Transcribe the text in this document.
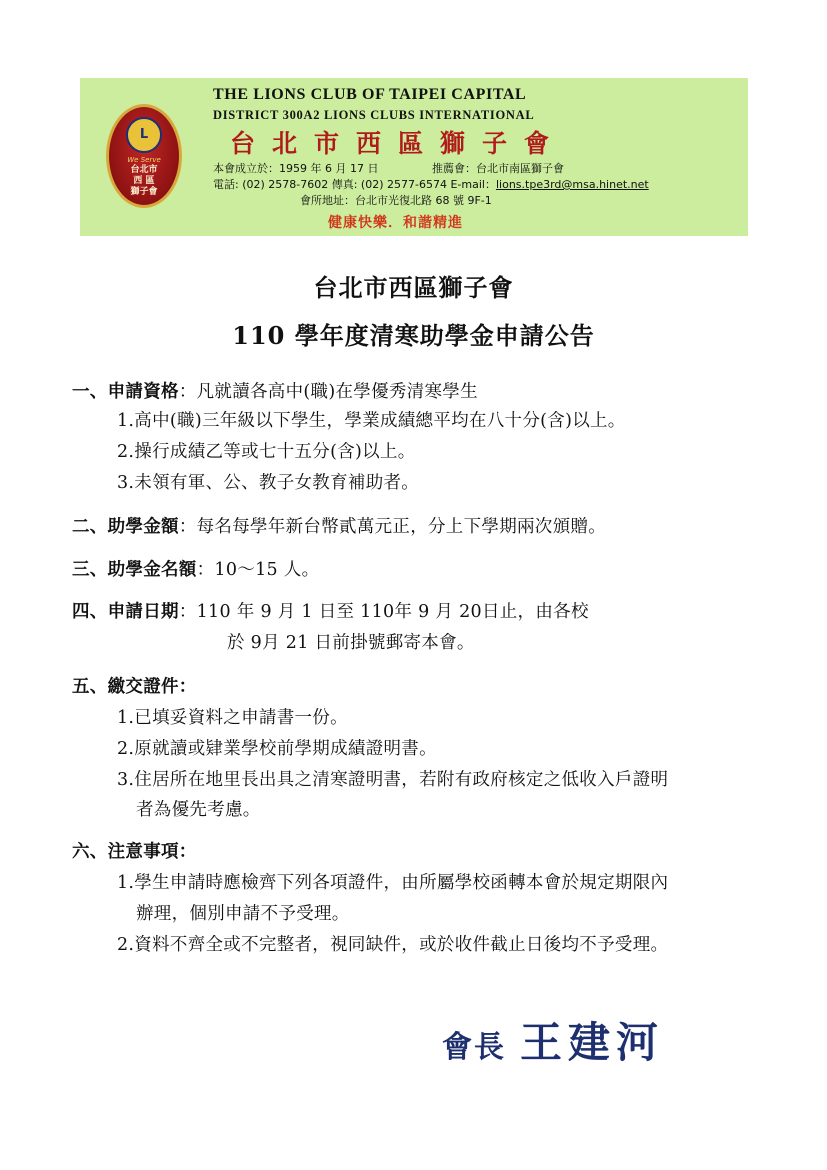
L
We Serve
台北市
西 區
獅子會
THE LIONS CLUB OF TAIPEI CAPITAL
DISTRICT 300A2 LIONS CLUBS INTERNATIONAL
台北市西區獅子會
本會成立於：1959 年 6 月 17 日	推薦會：台北市南區獅子會
電話: (02) 2578-7602 傳真: (02) 2577-6574 E-mail：lions.tpe3rd@msa.hinet.net
會所地址：台北市光復北路 68 號 9F-1
健康快樂．和諧精進
台北市西區獅子會
110 學年度清寒助學金申請公告
一、申請資格：凡就讀各高中(職)在學優秀清寒學生
1.高中(職)三年級以下學生，學業成績總平均在八十分(含)以上。
2.操行成績乙等或七十五分(含)以上。
3.未領有軍、公、教子女教育補助者。
二、助學金額：每名每學年新台幣貳萬元正，分上下學期兩次頒贈。
三、助學金名額：10～15 人。
四、申請日期：110 年 9 月 1 日至 110年 9 月 20日止，由各校
於 9月 21 日前掛號郵寄本會。
五、繳交證件：
1.已填妥資料之申請書一份。
2.原就讀或肄業學校前學期成績證明書。
3.住居所在地里長出具之清寒證明書，若附有政府核定之低收入戶證明
者為優先考慮。
六、注意事項：
1.學生申請時應檢齊下列各項證件，由所屬學校函轉本會於規定期限內
辦理，個別申請不予受理。
2.資料不齊全或不完整者，視同缺件，或於收件截止日後均不予受理。
會長 王建河
